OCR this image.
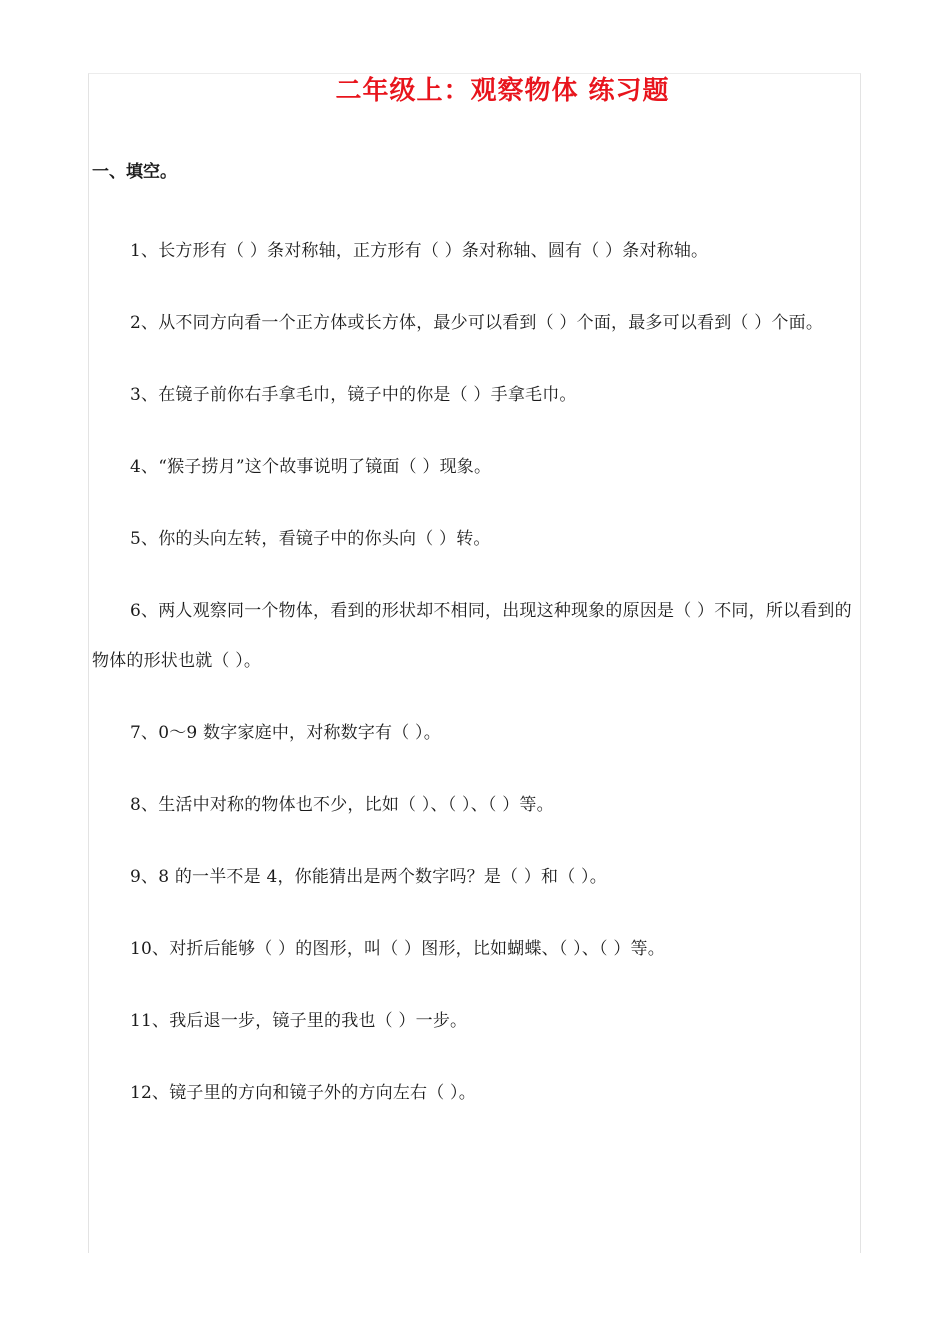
二年级上：观察物体 练习题
一、填空。
1、长方形有（ ）条对称轴，正方形有（ ）条对称轴、圆有（ ）条对称轴。
2、从不同方向看一个正方体或长方体，最少可以看到（ ）个面，最多可以看到（ ）个面。
3、在镜子前你右手拿毛巾，镜子中的你是（ ）手拿毛巾。
4、“猴子捞月”这个故事说明了镜面（ ）现象。
5、你的头向左转，看镜子中的你头向（ ）转。
6、两人观察同一个物体，看到的形状却不相同，出现这种现象的原因是（ ）不同，所以看到的物体的形状也就（ ）。
7、0～9 数字家庭中，对称数字有（ ）。
8、生活中对称的物体也不少，比如（ ）、（ ）、（ ）等。
9、8 的一半不是 4，你能猜出是两个数字吗？是（ ）和（ ）。
10、对折后能够（ ）的图形，叫（ ）图形，比如蝴蝶、（ ）、（ ）等。
11、我后退一步，镜子里的我也（ ）一步。
12、镜子里的方向和镜子外的方向左右（ ）。
